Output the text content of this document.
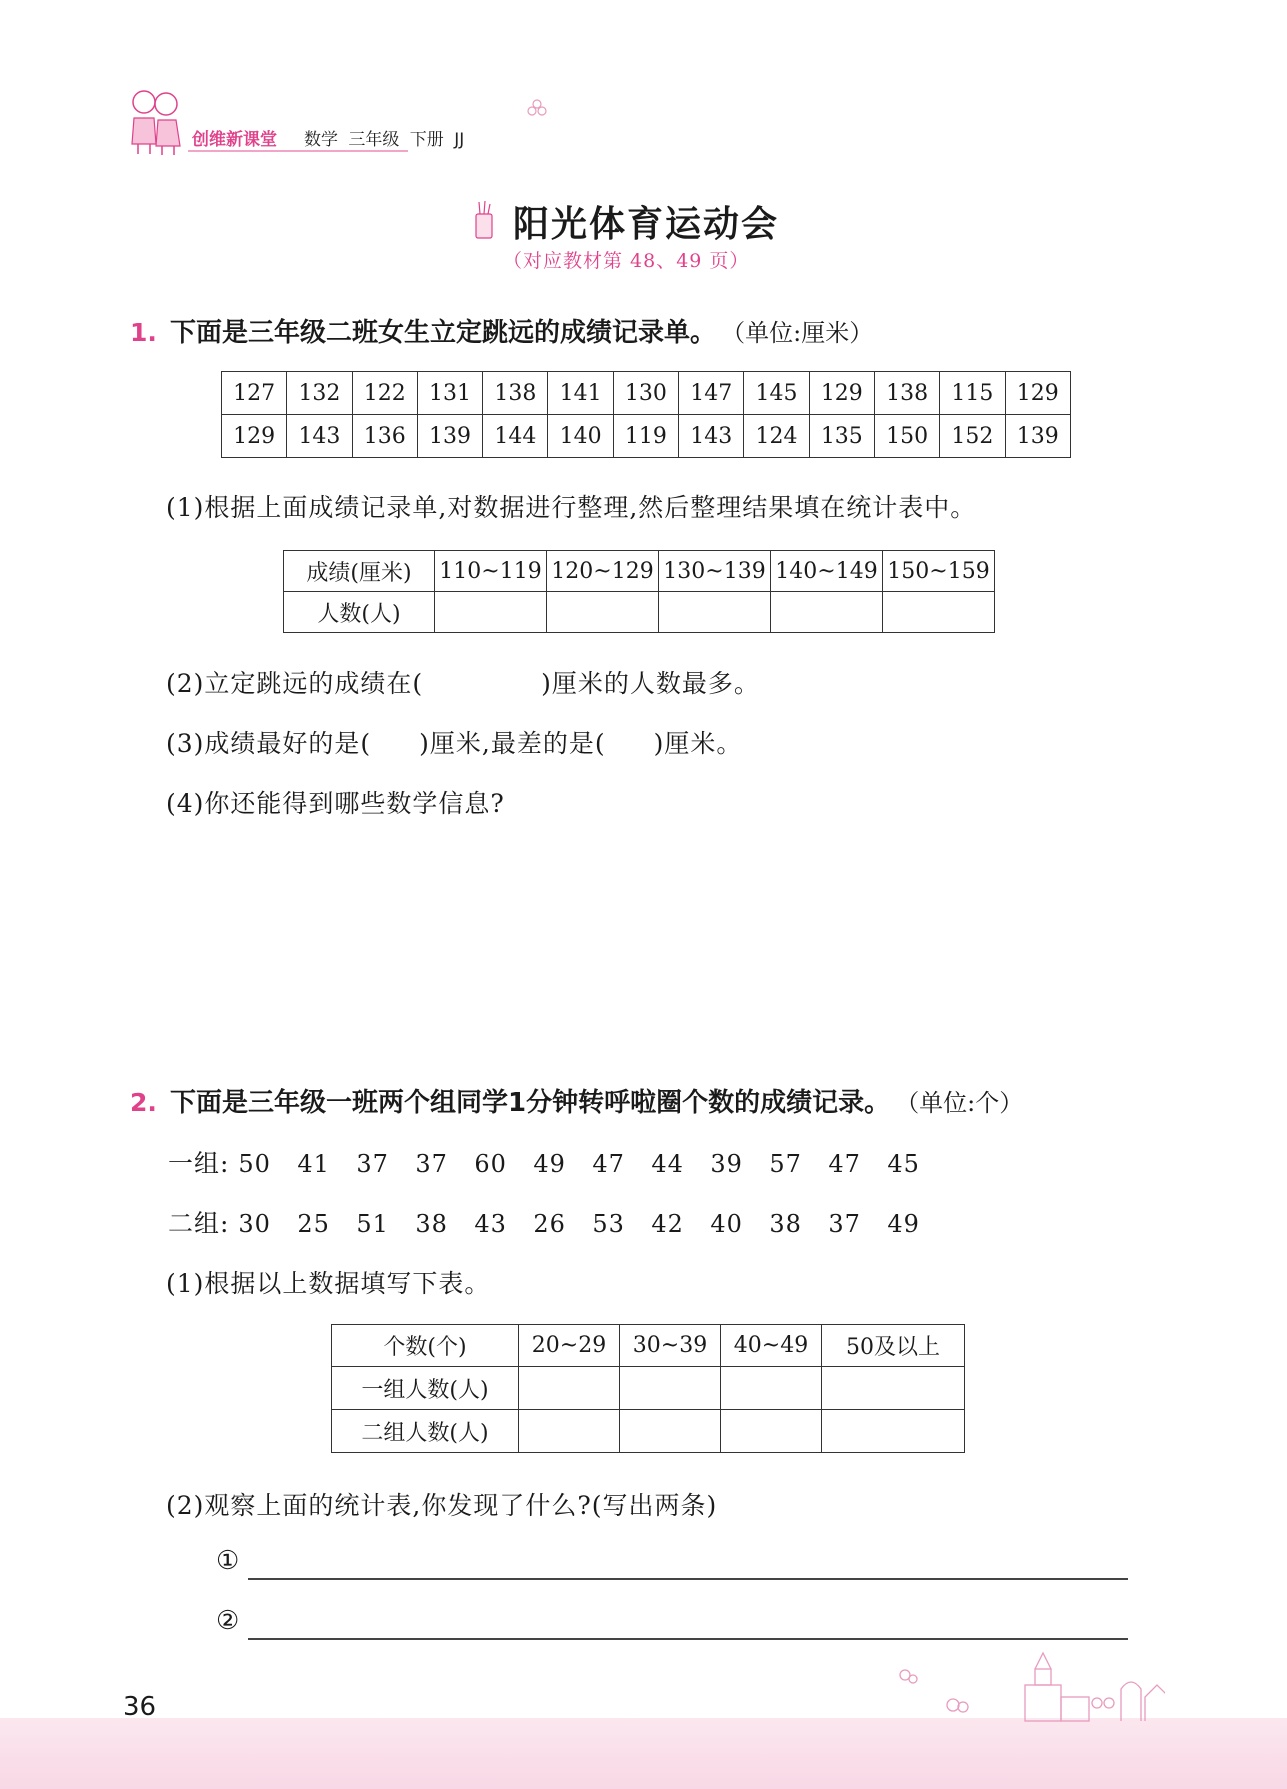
创维新课堂 数学 三年级 下册 JJ
阳光体育运动会
（对应教材第 48、49 页）
1. 下面是三年级二班女生立定跳远的成绩记录单。 （单位:厘米）
127	132	122	131	138	141	130	147	145	129	138	115	129
129	143	136	139	144	140	119	143	124	135	150	152	139
(1)根据上面成绩记录单,对数据进行整理,然后整理结果填在统计表中。
成绩(厘米)	110~119	120~129	130~139	140~149	150~159
人数(人)					
(2)立定跳远的成绩在(	)厘米的人数最多。
(3)成绩最好的是( )厘米,最差的是( )厘米。
(4)你还能得到哪些数学信息?
2. 下面是三年级一班两个组同学1分钟转呼啦圈个数的成绩记录。 （单位:个）
一组: 50 41 37 37 60 49 47 44 39 57 47 45
二组: 30 25 51 38 43 26 53 42 40 38 37 49
(1)根据以上数据填写下表。
个数(个)	20~29	30~39	40~49	50及以上
一组人数(人)				
二组人数(人)				
(2)观察上面的统计表,你发现了什么?(写出两条)
①
②
36
